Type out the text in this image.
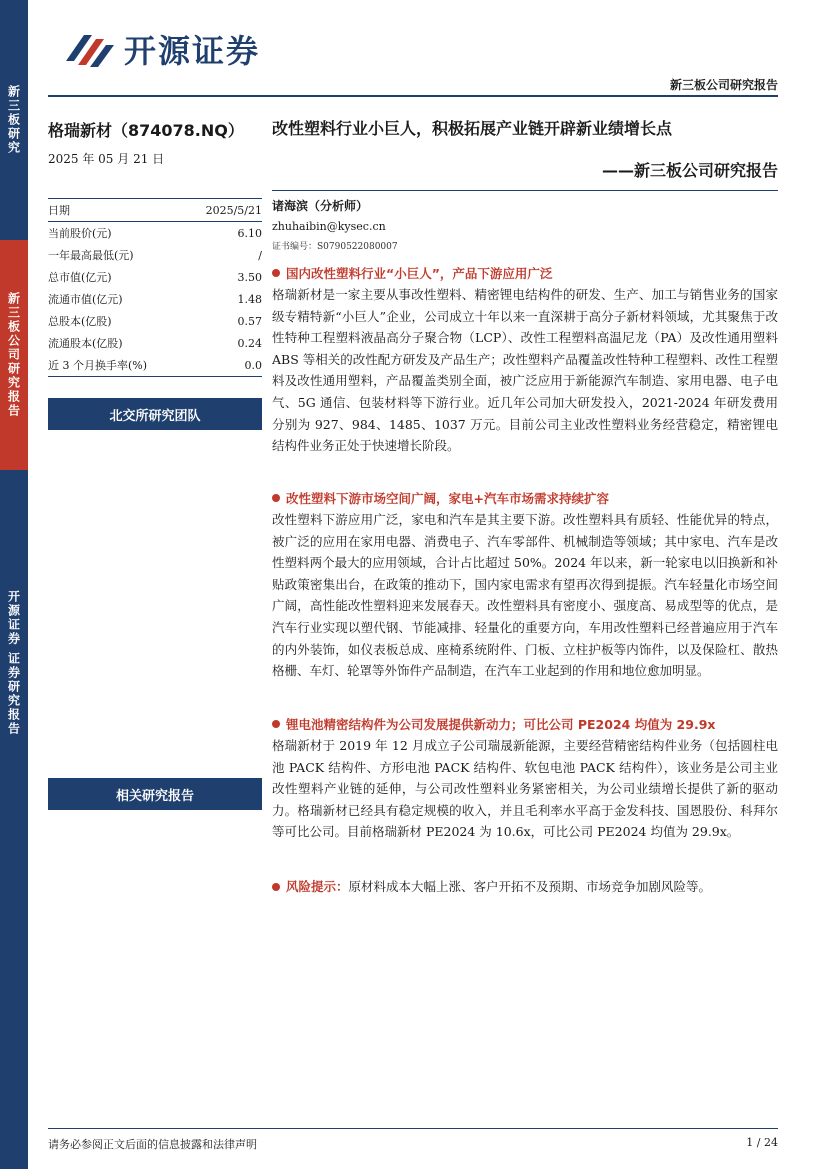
新三板研究
新三板公司研究报告
开源证券 证券研究报告
开源证券
新三板公司研究报告
格瑞新材（874078.NQ）
2025 年 05 月 21 日
日期	2025/5/21
当前股价(元)	6.10
一年最高最低(元)	/
总市值(亿元)	3.50
流通市值(亿元)	1.48
总股本(亿股)	0.57
流通股本(亿股)	0.24
近 3 个月换手率(%)	0.0
北交所研究团队
相关研究报告
改性塑料行业小巨人，积极拓展产业链开辟新业绩增长点
——新三板公司研究报告
诸海滨（分析师）
zhuhaibin@kysec.cn
证书编号：S0790522080007
国内改性塑料行业“小巨人”，产品下游应用广泛
格瑞新材是一家主要从事改性塑料、精密锂电结构件的研发、生产、加工与销售业务的国家级专精特新“小巨人”企业，公司成立十年以来一直深耕于高分子新材料领域，尤其聚焦于改性特种工程塑料液晶高分子聚合物（LCP）、改性工程塑料高温尼龙（PA）及改性通用塑料 ABS 等相关的改性配方研发及产品生产；改性塑料产品覆盖改性特种工程塑料、改性工程塑料及改性通用塑料，产品覆盖类别全面，被广泛应用于新能源汽车制造、家用电器、电子电气、5G 通信、包装材料等下游行业。近几年公司加大研发投入，2021-2024 年研发费用分别为 927、984、1485、1037 万元。目前公司主业改性塑料业务经营稳定，精密锂电结构件业务正处于快速增长阶段。
改性塑料下游市场空间广阔，家电+汽车市场需求持续扩容
改性塑料下游应用广泛，家电和汽车是其主要下游。改性塑料具有质轻、性能优异的特点，被广泛的应用在家用电器、消费电子、汽车零部件、机械制造等领域；其中家电、汽车是改性塑料两个最大的应用领域，合计占比超过 50%。2024 年以来，新一轮家电以旧换新和补贴政策密集出台，在政策的推动下，国内家电需求有望再次得到提振。汽车轻量化市场空间广阔，高性能改性塑料迎来发展春天。改性塑料具有密度小、强度高、易成型等的优点，是汽车行业实现以塑代钢、节能减排、轻量化的重要方向，车用改性塑料已经普遍应用于汽车的内外装饰，如仪表板总成、座椅系统附件、门板、立柱护板等内饰件，以及保险杠、散热格栅、车灯、轮罩等外饰件产品制造，在汽车工业起到的作用和地位愈加明显。
锂电池精密结构件为公司发展提供新动力；可比公司 PE2024 均值为 29.9x
格瑞新材于 2019 年 12 月成立子公司瑞晟新能源，主要经营精密结构件业务（包括圆柱电池 PACK 结构件、方形电池 PACK 结构件、软包电池 PACK 结构件），该业务是公司主业改性塑料产业链的延伸，与公司改性塑料业务紧密相关，为公司业绩增长提供了新的驱动力。格瑞新材已经具有稳定规模的收入，并且毛利率水平高于金发科技、国恩股份、科拜尔等可比公司。目前格瑞新材 PE2024 为 10.6x，可比公司 PE2024 均值为 29.9x。
风险提示： 原材料成本大幅上涨、客户开拓不及预期、市场竞争加剧风险等。
请务必参阅正文后面的信息披露和法律声明	1 / 24
